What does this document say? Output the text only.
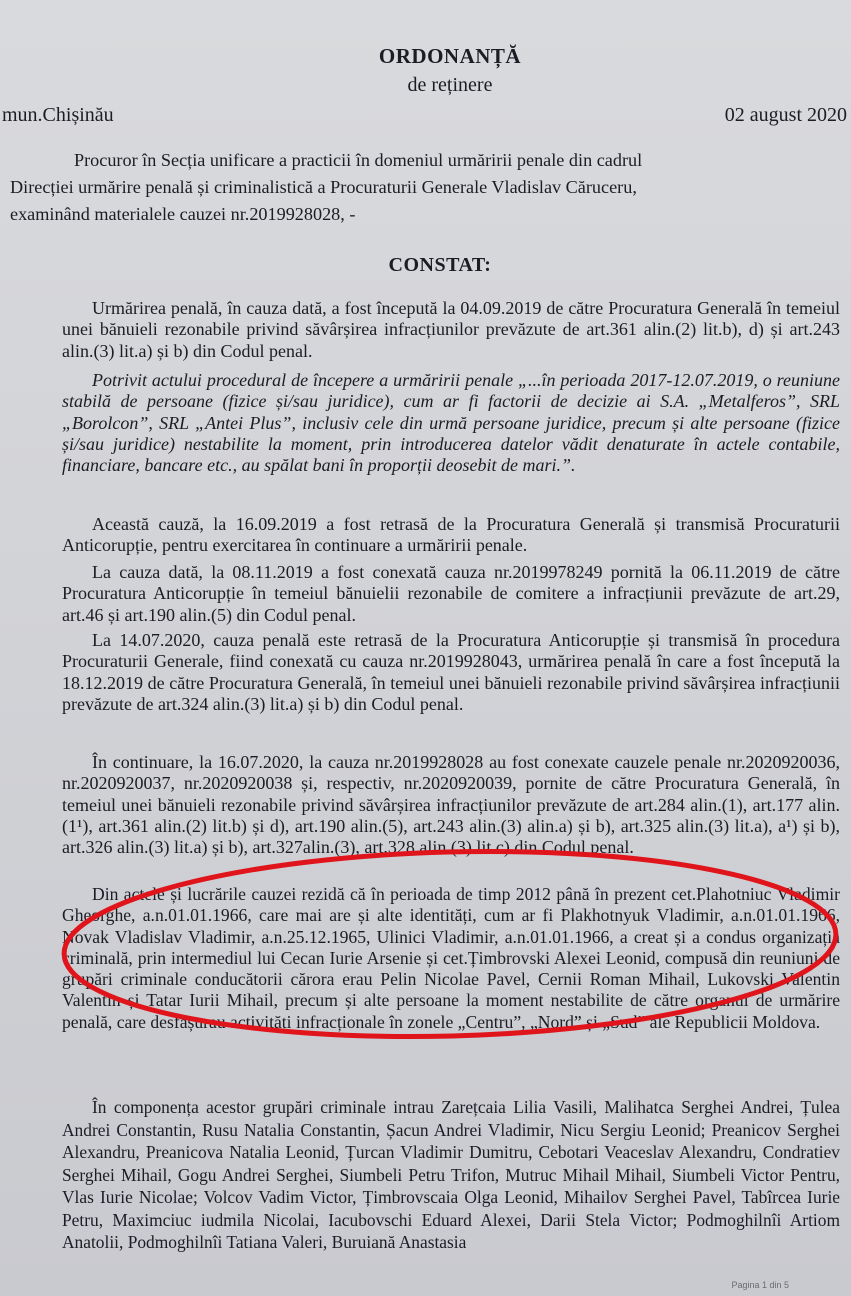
ORDONANȚĂ
de reținere
mun.Chișinău	02 august 2020
Procuror în Secția unificare a practicii în domeniul urmăririi penale din cadrul
Direcției urmărire penală și criminalistică a Procuraturii Generale Vladislav Căruceru,
examinând materialele cauzei nr.2019928028, -
CONSTAT:
Urmărirea penală, în cauza dată, a fost începută la 04.09.2019 de către Procuratura Generală în temeiul unei bănuieli rezonabile privind săvârșirea infracțiunilor prevăzute de art.361 alin.(2) lit.b), d) și art.243 alin.(3) lit.a) și b) din Codul penal.
Potrivit actului procedural de începere a urmăririi penale „...în perioada 2017-12.07.2019, o reuniune stabilă de persoane (fizice și/sau juridice), cum ar fi factorii de decizie ai S.A. „Metalferos”, SRL „Borolcon”, SRL „Antei Plus”, inclusiv cele din urmă persoane juridice, precum și alte persoane (fizice și/sau juridice) nestabilite la moment, prin introducerea datelor vădit denaturate în actele contabile, financiare, bancare etc., au spălat bani în proporții deosebit de mari.”.
Această cauză, la 16.09.2019 a fost retrasă de la Procuratura Generală și transmisă Procuraturii Anticorupție, pentru exercitarea în continuare a urmăririi penale.
La cauza dată, la 08.11.2019 a fost conexată cauza nr.2019978249 pornită la 06.11.2019 de către Procuratura Anticorupție în temeiul bănuielii rezonabile de comitere a infracțiunii prevăzute de art.29, art.46 și art.190 alin.(5) din Codul penal.
La 14.07.2020, cauza penală este retrasă de la Procuratura Anticorupție și transmisă în procedura Procuraturii Generale, fiind conexată cu cauza nr.2019928043, urmărirea penală în care a fost începută la 18.12.2019 de către Procuratura Generală, în temeiul unei bănuieli rezonabile privind săvârșirea infracțiunii prevăzute de art.324 alin.(3) lit.a) și b) din Codul penal.
În continuare, la 16.07.2020, la cauza nr.2019928028 au fost conexate cauzele penale nr.2020920036, nr.2020920037, nr.2020920038 și, respectiv, nr.2020920039, pornite de către Procuratura Generală, în temeiul unei bănuieli rezonabile privind săvârșirea infracțiunilor prevăzute de art.284 alin.(1), art.177 alin.(1¹), art.361 alin.(2) lit.b) și d), art.190 alin.(5), art.243 alin.(3) alin.a) și b), art.325 alin.(3) lit.a), a¹) și b), art.326 alin.(3) lit.a) și b), art.327alin.(3), art.328 alin.(3) lit.c) din Codul penal.
Din actele și lucrările cauzei rezidă că în perioada de timp 2012 până în prezent cet.Plahotniuc Vladimir Gheorghe, a.n.01.01.1966, care mai are și alte identități, cum ar fi Plakhotnyuk Vladimir, a.n.01.01.1966, Novak Vladislav Vladimir, a.n.25.12.1965, Ulinici Vladimir, a.n.01.01.1966, a creat și a condus organizația criminală, prin intermediul lui Cecan Iurie Arsenie și cet.Țimbrovski Alexei Leonid, compusă din reuniuni de grupări criminale conducătorii cărora erau Pelin Nicolae Pavel, Cernii Roman Mihail, Lukovski Valentin Valentin și Tatar Iurii Mihail, precum și alte persoane la moment nestabilite de către organul de urmărire penală, care desfășurau activități infracționale în zonele „Centru”, „Nord” și „Sud” ale Republicii Moldova.
În componența acestor grupări criminale intrau Zarețcaia Lilia Vasili, Malihatca Serghei Andrei, Țulea Andrei Constantin, Rusu Natalia Constantin, Șacun Andrei Vladimir, Nicu Sergiu Leonid; Preanicov Serghei Alexandru, Preanicova Natalia Leonid, Țurcan Vladimir Dumitru, Cebotari Veaceslav Alexandru, Condratiev Serghei Mihail, Gogu Andrei Serghei, Siumbeli Petru Trifon, Mutruc Mihail Mihail, Siumbeli Victor Pentru, Vlas Iurie Nicolae; Volcov Vadim Victor, Țimbrovscaia Olga Leonid, Mihailov Serghei Pavel, Tabîrcea Iurie Petru, Maximciuc iudmila Nicolai, Iacubovschi Eduard Alexei, Darii Stela Victor; Podmoghilnîi Artiom Anatolii, Podmoghilnîi Tatiana Valeri, Buruiană Anastasia
Pagina 1 din 5
